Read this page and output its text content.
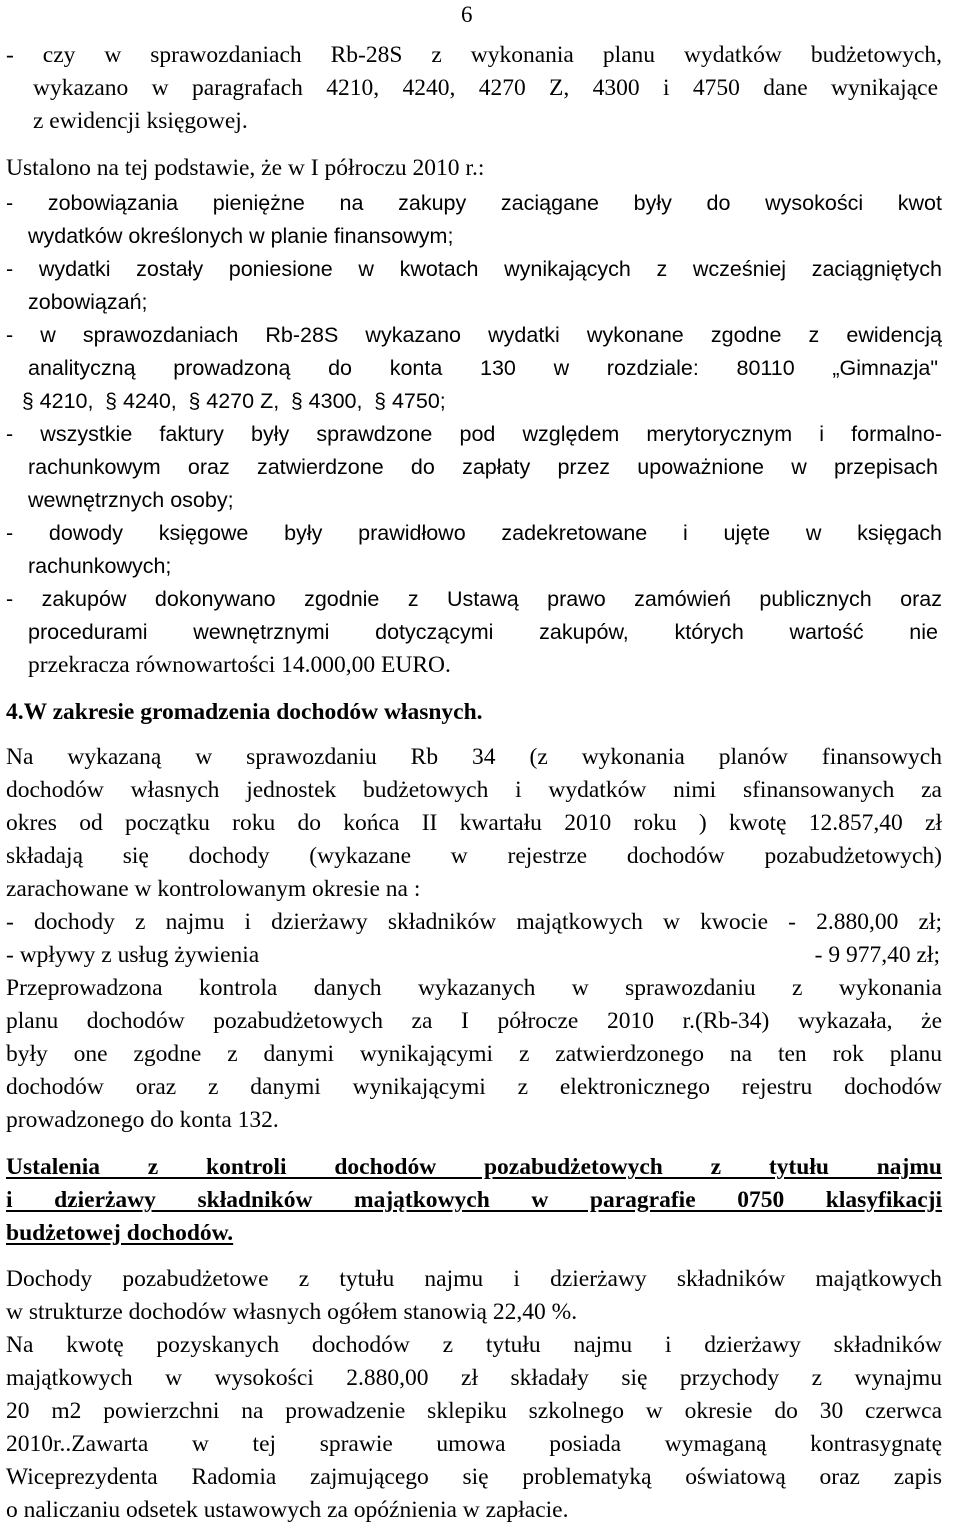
6
- czy w sprawozdaniach Rb-28S z wykonania planu wydatków budżetowych,
wykazano w paragrafach 4210, 4240, 4270 Z, 4300 i 4750 dane wynikające
z ewidencji księgowej.
Ustalono na tej podstawie, że w I półroczu 2010 r.:
- zobowiązania pieniężne na zakupy zaciągane były do wysokości kwot
wydatków określonych w planie finansowym;
- wydatki zostały poniesione w kwotach wynikających z wcześniej zaciągniętych
zobowiązań;
- w sprawozdaniach Rb-28S wykazano wydatki wykonane zgodne z ewidencją
analityczną prowadzoną do konta 130 w rozdziale: 80110 „Gimnazja"
§ 4210,  § 4240,  § 4270 Z,  § 4300,  § 4750;
- wszystkie faktury były sprawdzone pod względem merytorycznym i formalno-
rachunkowym oraz zatwierdzone do zapłaty przez upoważnione w przepisach
wewnętrznych osoby;
- dowody księgowe były prawidłowo zadekretowane i ujęte w księgach
rachunkowych;
- zakupów dokonywano zgodnie z Ustawą prawo zamówień publicznych oraz
procedurami wewnętrznymi dotyczącymi zakupów, których wartość nie
przekracza równowartości 14.000,00 EURO.
4.W zakresie gromadzenia dochodów własnych.
Na wykazaną w sprawozdaniu Rb 34 (z wykonania planów finansowych
dochodów własnych jednostek budżetowych i wydatków nimi sfinansowanych za
okres od początku roku do końca II kwartału 2010 roku ) kwotę 12.857,40 zł
składają się dochody (wykazane w rejestrze dochodów pozabudżetowych)
zarachowane w kontrolowanym okresie na :
- dochody z najmu i dzierżawy składników majątkowych w kwocie - 2.880,00 zł;
- wpływy z usług żywienia	- 9 977,40 zł;
Przeprowadzona kontrola danych wykazanych w sprawozdaniu z wykonania
planu dochodów pozabudżetowych za I półrocze 2010 r.(Rb-34) wykazała, że
były one zgodne z danymi wynikającymi z zatwierdzonego na ten rok planu
dochodów oraz z danymi wynikającymi z elektronicznego rejestru dochodów
prowadzonego do konta 132.
Ustalenia z kontroli dochodów pozabudżetowych z tytułu najmu
i dzierżawy składników majątkowych w paragrafie 0750 klasyfikacji
budżetowej dochodów.
Dochody pozabudżetowe z tytułu najmu i dzierżawy składników majątkowych
w strukturze dochodów własnych ogółem stanowią 22,40 %.
Na kwotę pozyskanych dochodów z tytułu najmu i dzierżawy składników
majątkowych w wysokości 2.880,00 zł składały się przychody z wynajmu
20 m2 powierzchni na prowadzenie sklepiku szkolnego w okresie do 30 czerwca
2010r..Zawarta w tej sprawie umowa posiada wymaganą kontrasygnatę
Wiceprezydenta Radomia zajmującego się problematyką oświatową oraz zapis
o naliczaniu odsetek ustawowych za opóźnienia w zapłacie.
